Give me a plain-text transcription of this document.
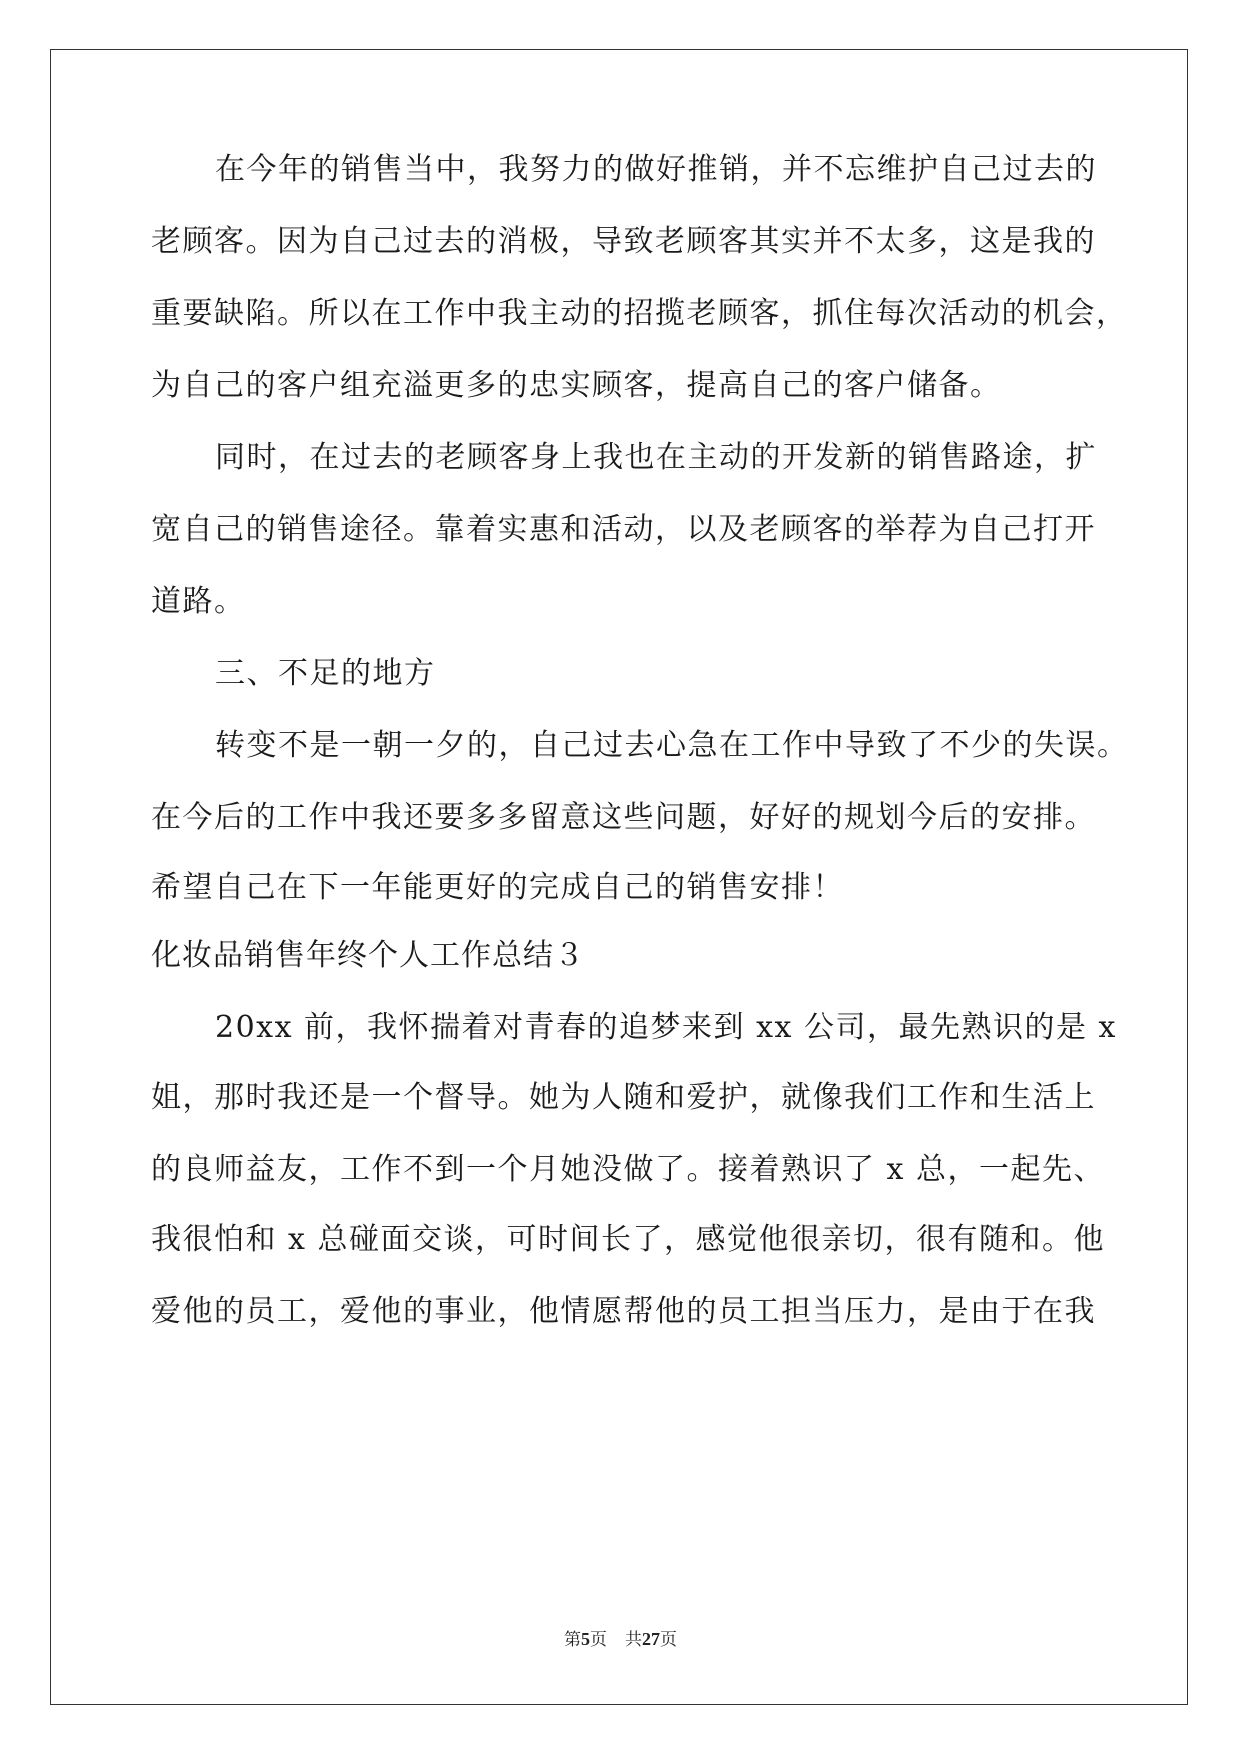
在今年的销售当中，我努力的做好推销，并不忘维护自己过去的
老顾客。因为自己过去的消极，导致老顾客其实并不太多，这是我的
重要缺陷。所以在工作中我主动的招揽老顾客，抓住每次活动的机会，
为自己的客户组充溢更多的忠实顾客，提高自己的客户储备。
同时，在过去的老顾客身上我也在主动的开发新的销售路途，扩
宽自己的销售途径。靠着实惠和活动，以及老顾客的举荐为自己打开
道路。
三、不足的地方
转变不是一朝一夕的，自己过去心急在工作中导致了不少的失误。
在今后的工作中我还要多多留意这些问题，好好的规划今后的安排。
希望自己在下一年能更好的完成自己的销售安排！
化妆品销售年终个人工作总结３
20xx 前，我怀揣着对青春的追梦来到 xx 公司，最先熟识的是 x
姐，那时我还是一个督导。她为人随和爱护，就像我们工作和生活上
的良师益友，工作不到一个月她没做了。接着熟识了 x 总，一起先、
我很怕和 x 总碰面交谈，可时间长了，感觉他很亲切，很有随和。他
爱他的员工，爱他的事业，他情愿帮他的员工担当压力，是由于在我
第5页 共27页
